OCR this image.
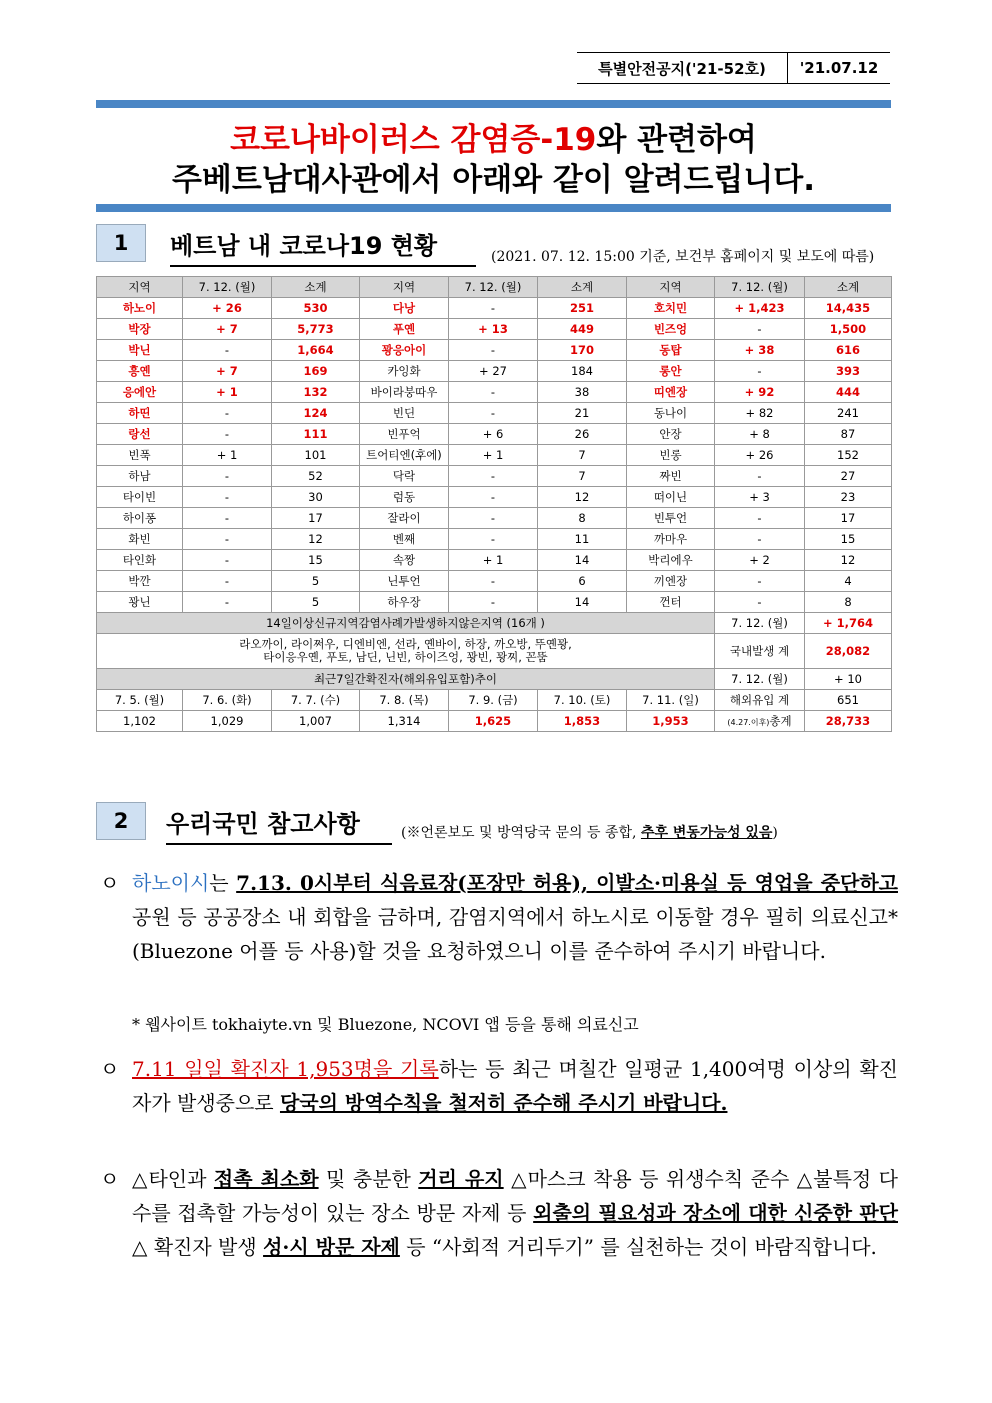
특별안전공지('21-52호)	'21.07.12
코로나바이러스 감염증-19와 관련하여
주베트남대사관에서 아래와 같이 알려드립니다.
1	베트남 내 코로나19 현황	(2021. 07. 12. 15:00 기준, 보건부 홈페이지 및 보도에 따름)
지역	7. 12. (월)	소계	지역	7. 12. (월)	소계	지역	7. 12. (월)	소계
하노이	+ 26	530	다낭	-	251	호치민	+ 1,423	14,435
박장	+ 7	5,773	푸옌	+ 13	449	빈즈엉	-	1,500
박닌	-	1,664	꽝응아이	-	170	동탑	+ 38	616
흥옌	+ 7	169	카잉화	+ 27	184	롱안	-	393
응에안	+ 1	132	바이라붕따우	-	38	띠엔장	+ 92	444
하띤	-	124	빈딘	-	21	동나이	+ 82	241
랑선	-	111	빈푸억	+ 6	26	안장	+ 8	87
빈푹	+ 1	101	트어티엔(후에)	+ 1	7	빈롱	+ 26	152
하남	-	52	닥락	-	7	짜빈	-	27
타이빈	-	30	럼동	-	12	떠이닌	+ 3	23
하이퐁	-	17	잘라이	-	8	빈투언	-	17
화빈	-	12	벤째	-	11	까마우	-	15
타인화	-	15	속짱	+ 1	14	박리에우	+ 2	12
박깐	-	5	닌투언	-	6	끼엔장	-	4
꽝닌	-	5	하우장	-	14	껀터	-	8
14일이상신규지역감염사례가발생하지않은지역 (16개 )							7. 12. (월)	+ 1,764

라오까이, 라이쩌우, 디엔비엔, 선라, 옌바이, 하장, 까오방, 뚜옌꽝,
타이응우옌, 푸토, 남딘, 닌빈, 하이즈엉, 꽝빈, 꽝찌, 꼰뚬							국내발생 계	28,082
최근7일간확진자(해외유입포함)추이							7. 12. (월)	+ 10
7. 5. (월)	7. 6. (화)	7. 7. (수)	7. 8. (목)	7. 9. (금)	7. 10. (토)	7. 11. (일)	해외유입 계	651
1,102	1,029	1,007	1,314	1,625	1,853	1,953	(4.27.이후)총계	28,733
2	우리국민 참고사항	(※언론보도 및 방역당국 문의 등 종합, 추후 변동가능성 있음)
ㅇ 하노이시는 7.13. 0시부터 식음료장(포장만 허용), 이발소·미용실 등 영업을 중단하고 공원 등 공공장소 내 회합을 금하며, 감염지역에서 하노시로 이동할 경우 필히 의료신고*(Bluezone 어플 등 사용)할 것을 요청하였으니 이를 준수하여 주시기 바랍니다.
* 웹사이트 tokhaiyte.vn 및 Bluezone, NCOVI 앱 등을 통해 의료신고
ㅇ 7.11 일일 확진자 1,953명을 기록하는 등 최근 며칠간 일평균 1,400여명 이상의 확진자가 발생중으로 당국의 방역수칙을 철저히 준수해 주시기 바랍니다.
ㅇ △타인과 접촉 최소화 및 충분한 거리 유지 △마스크 착용 등 위생수칙 준수 △불특정 다수를 접촉할 가능성이 있는 장소 방문 자제 등 외출의 필요성과 장소에 대한 신중한 판단 △ 확진자 발생 성·시 방문 자제 등 “사회적 거리두기” 를 실천하는 것이 바람직합니다.
